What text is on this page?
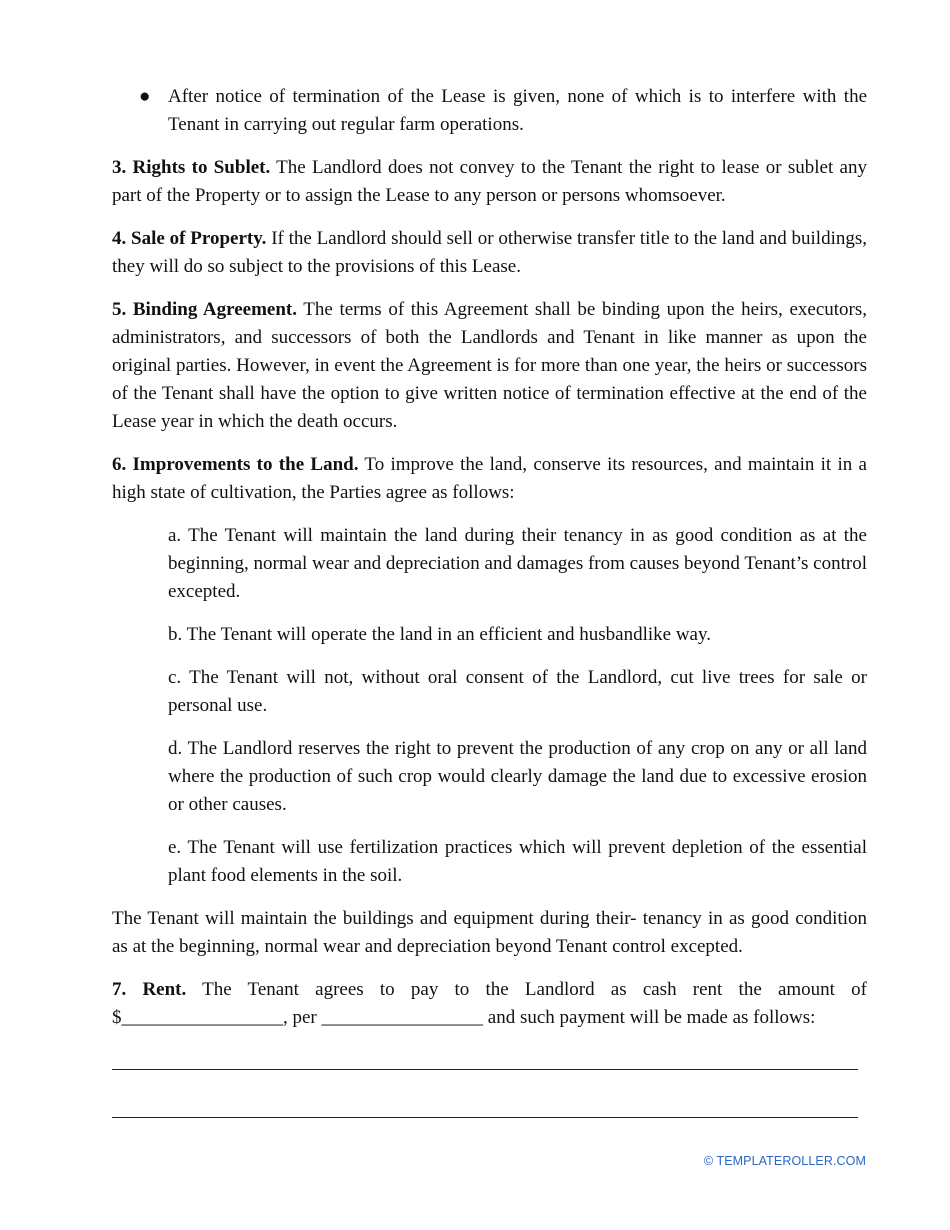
● After notice of termination of the Lease is given, none of which is to interfere with the Tenant in carrying out regular farm operations.

3. Rights to Sublet. The Landlord does not convey to the Tenant the right to lease or sublet any part of the Property or to assign the Lease to any person or persons whomsoever.

4. Sale of Property. If the Landlord should sell or otherwise transfer title to the land and buildings, they will do so subject to the provisions of this Lease.

5. Binding Agreement. The terms of this Agreement shall be binding upon the heirs, executors, administrators, and successors of both the Landlords and Tenant in like manner as upon the original parties. However, in event the Agreement is for more than one year, the heirs or successors of the Tenant shall have the option to give written notice of termination effective at the end of the Lease year in which the death occurs.

6. Improvements to the Land. To improve the land, conserve its resources, and maintain it in a high state of cultivation, the Parties agree as follows:

a. The Tenant will maintain the land during their tenancy in as good condition as at the beginning, normal wear and depreciation and damages from causes beyond Tenant’s control excepted.

b. The Tenant will operate the land in an efficient and husbandlike way.

c. The Tenant will not, without oral consent of the Landlord, cut live trees for sale or personal use.

d. The Landlord reserves the right to prevent the production of any crop on any or all land where the production of such crop would clearly damage the land due to excessive erosion or other causes.

e. The Tenant will use fertilization practices which will prevent depletion of the essential plant food elements in the soil.

The Tenant will maintain the buildings and equipment during their- tenancy in as good condition as at the beginning, normal wear and depreciation beyond Tenant control excepted.

7. Rent. The Tenant agrees to pay to the Landlord as cash rent the amount of $_________________, per _________________ and such payment will be made as follows:

© TEMPLATEROLLER.COM
